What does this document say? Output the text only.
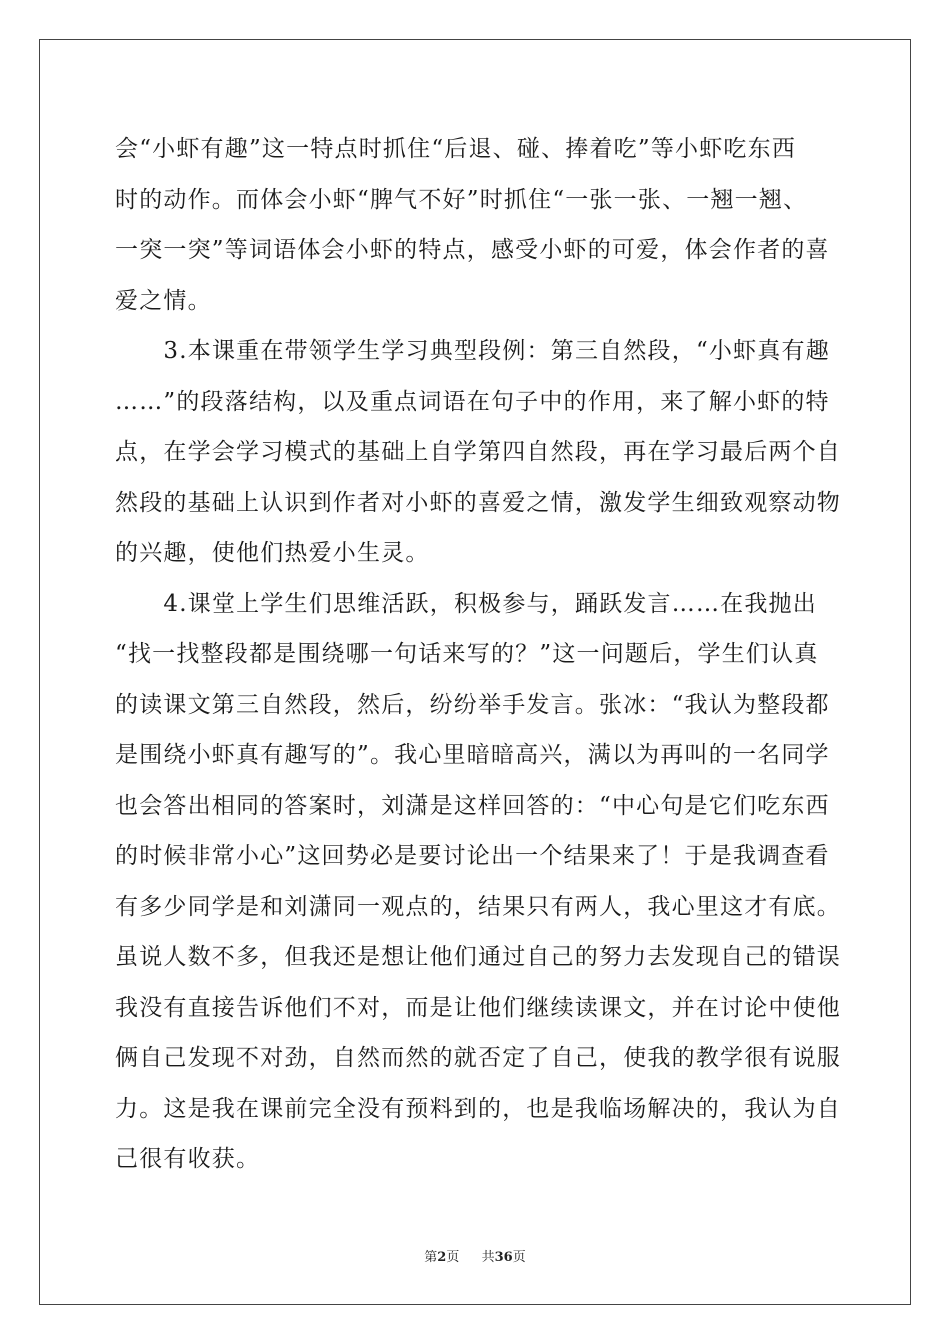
会“小虾有趣”这一特点时抓住“后退、碰、捧着吃”等小虾吃东西
时的动作。而体会小虾“脾气不好”时抓住“一张一张、一翘一翘、
一突一突”等词语体会小虾的特点，感受小虾的可爱，体会作者的喜
爱之情。
　　3.本课重在带领学生学习典型段例：第三自然段，“小虾真有趣
……”的段落结构，以及重点词语在句子中的作用，来了解小虾的特
点，在学会学习模式的基础上自学第四自然段，再在学习最后两个自
然段的基础上认识到作者对小虾的喜爱之情，激发学生细致观察动物
的兴趣，使他们热爱小生灵。
　　4.课堂上学生们思维活跃，积极参与，踊跃发言……在我抛出
“找一找整段都是围绕哪一句话来写的？”这一问题后，学生们认真
的读课文第三自然段，然后，纷纷举手发言。张冰：“我认为整段都
是围绕小虾真有趣写的”。我心里暗暗高兴，满以为再叫的一名同学
也会答出相同的答案时，刘潇是这样回答的：“中心句是它们吃东西
的时候非常小心”这回势必是要讨论出一个结果来了！于是我调查看
有多少同学是和刘潇同一观点的，结果只有两人，我心里这才有底。
虽说人数不多，但我还是想让他们通过自己的努力去发现自己的错误
我没有直接告诉他们不对，而是让他们继续读课文，并在讨论中使他
俩自己发现不对劲，自然而然的就否定了自己，使我的教学很有说服
力。这是我在课前完全没有预料到的，也是我临场解决的，我认为自
己很有收获。
第2页 共36页
